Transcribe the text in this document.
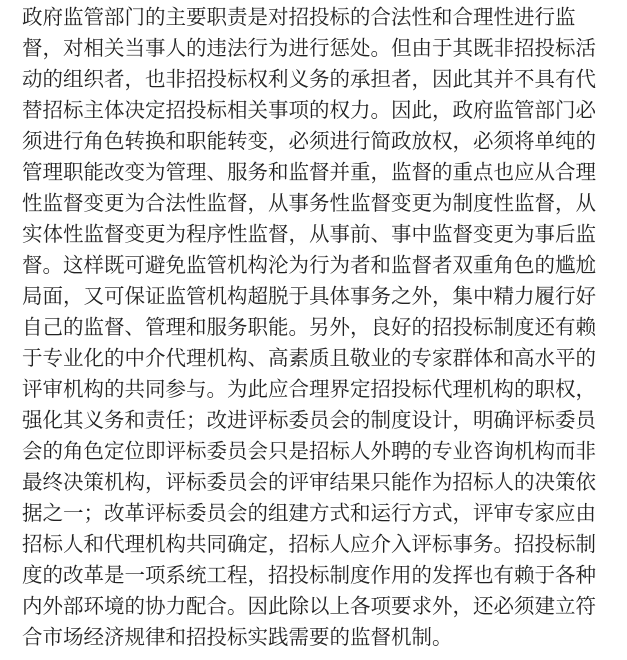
政府监管部门的主要职责是对招投标的合法性和合理性进行监
督，对相关当事人的违法行为进行惩处。但由于其既非招投标活
动的组织者，也非招投标权利义务的承担者，因此其并不具有代
替招标主体决定招投标相关事项的权力。因此，政府监管部门必
须进行角色转换和职能转变，必须进行简政放权，必须将单纯的
管理职能改变为管理、服务和监督并重，监督的重点也应从合理
性监督变更为合法性监督，从事务性监督变更为制度性监督，从
实体性监督变更为程序性监督，从事前、事中监督变更为事后监
督。这样既可避免监管机构沦为行为者和监督者双重角色的尴尬
局面，又可保证监管机构超脱于具体事务之外，集中精力履行好
自己的监督、管理和服务职能。另外，良好的招投标制度还有赖
于专业化的中介代理机构、高素质且敬业的专家群体和高水平的
评审机构的共同参与。为此应合理界定招投标代理机构的职权，
强化其义务和责任；改进评标委员会的制度设计，明确评标委员
会的角色定位即评标委员会只是招标人外聘的专业咨询机构而非
最终决策机构，评标委员会的评审结果只能作为招标人的决策依
据之一；改革评标委员会的组建方式和运行方式，评审专家应由
招标人和代理机构共同确定，招标人应介入评标事务。招投标制
度的改革是一项系统工程，招投标制度作用的发挥也有赖于各种
内外部环境的协力配合。因此除以上各项要求外，还必须建立符
合市场经济规律和招投标实践需要的监督机制。
